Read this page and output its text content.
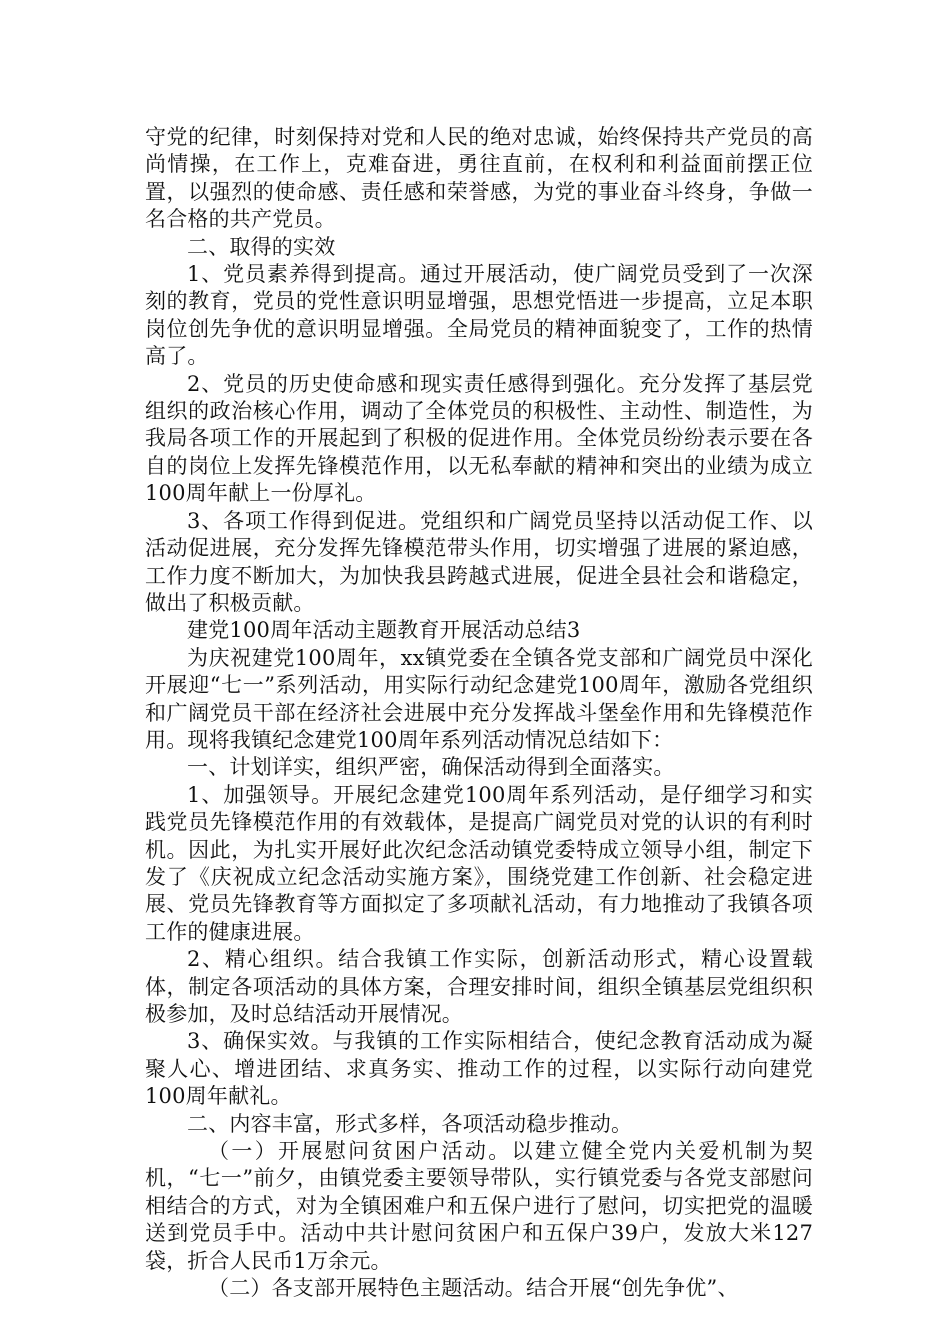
守党的纪律，时刻保持对党和人民的绝对忠诚，始终保持共产党员的高尚情操，在工作上，克难奋进，勇往直前，在权利和利益面前摆正位置，以强烈的使命感、责任感和荣誉感，为党的事业奋斗终身，争做一名合格的共产党员。

二、取得的实效

1、党员素养得到提高。通过开展活动，使广阔党员受到了一次深刻的教育，党员的党性意识明显增强，思想党悟进一步提高，立足本职岗位创先争优的意识明显增强。全局党员的精神面貌变了，工作的热情高了。

2、党员的历史使命感和现实责任感得到强化。充分发挥了基层党组织的政治核心作用，调动了全体党员的积极性、主动性、制造性，为我局各项工作的开展起到了积极的促进作用。全体党员纷纷表示要在各自的岗位上发挥先锋模范作用，以无私奉献的精神和突出的业绩为成立100周年献上一份厚礼。

3、各项工作得到促进。党组织和广阔党员坚持以活动促工作、以活动促进展，充分发挥先锋模范带头作用，切实增强了进展的紧迫感，工作力度不断加大，为加快我县跨越式进展，促进全县社会和谐稳定，做出了积极贡献。

建党100周年活动主题教育开展活动总结3

为庆祝建党100周年，xx镇党委在全镇各党支部和广阔党员中深化开展迎“七一”系列活动，用实际行动纪念建党100周年，激励各党组织和广阔党员干部在经济社会进展中充分发挥战斗堡垒作用和先锋模范作用。现将我镇纪念建党100周年系列活动情况总结如下：

一、计划详实，组织严密，确保活动得到全面落实。

1、加强领导。开展纪念建党100周年系列活动，是仔细学习和实践党员先锋模范作用的有效载体，是提高广阔党员对党的认识的有利时机。因此，为扎实开展好此次纪念活动镇党委特成立领导小组，制定下发了《庆祝成立纪念活动实施方案》，围绕党建工作创新、社会稳定进展、党员先锋教育等方面拟定了多项献礼活动，有力地推动了我镇各项工作的健康进展。

2、精心组织。结合我镇工作实际，创新活动形式，精心设置载体，制定各项活动的具体方案，合理安排时间，组织全镇基层党组织积极参加，及时总结活动开展情况。

3、确保实效。与我镇的工作实际相结合，使纪念教育活动成为凝聚人心、增进团结、求真务实、推动工作的过程，以实际行动向建党100周年献礼。

二、内容丰富，形式多样，各项活动稳步推动。

（一）开展慰问贫困户活动。以建立健全党内关爱机制为契机，“七一”前夕，由镇党委主要领导带队，实行镇党委与各党支部慰问相结合的方式，对为全镇困难户和五保户进行了慰问，切实把党的温暖送到党员手中。活动中共计慰问贫困户和五保户39户，发放大米127袋，折合人民币1万余元。

（二）各支部开展特色主题活动。结合开展“创先争优”、
